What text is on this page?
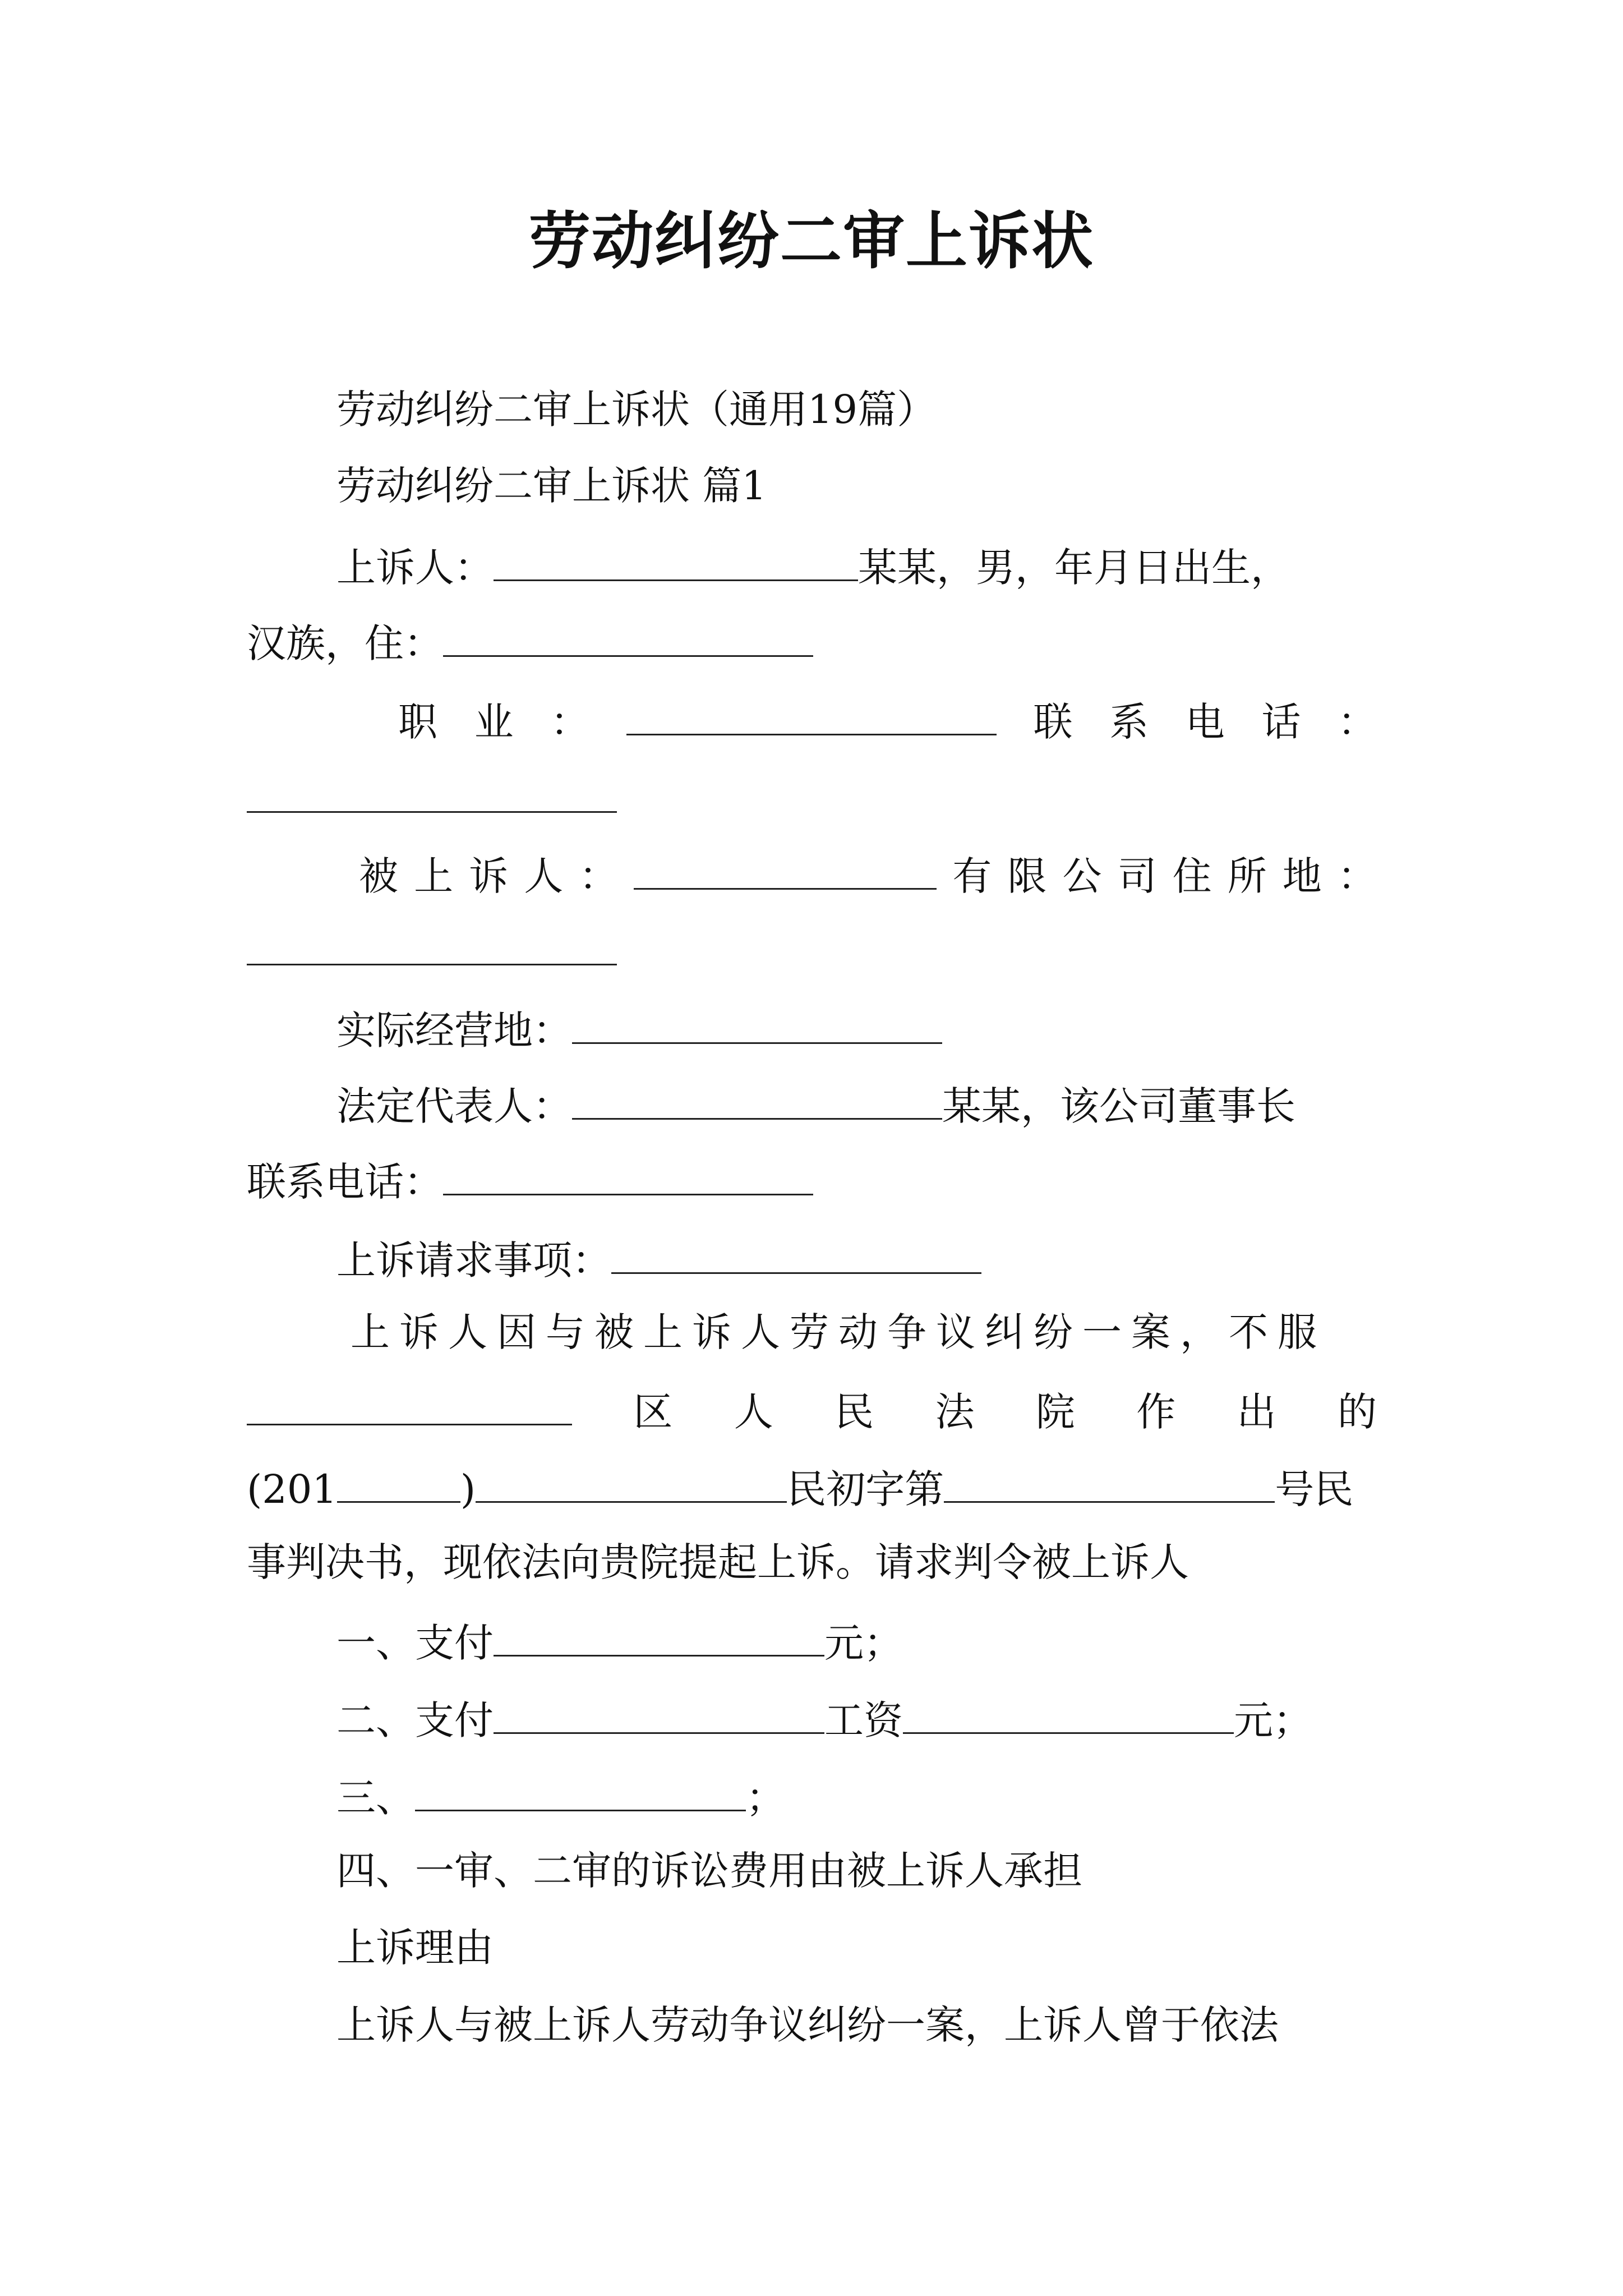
劳动纠纷二审上诉状
劳动纠纷二审上诉状（通用19篇）
劳动纠纷二审上诉状 篇1
上诉人：	某某，男，年月日出生，
汉族，住：
职 业 ：	联 系 电 话 ：
被 上 诉 人 ：	有 限 公 司 住 所 地 ：
实际经营地：
法定代表人：	某某，该公司董事长
联系电话：
上诉请求事项：
上诉人因与被上诉人劳动争议纠纷一案，不服
区 人 民 法 院 作 出 的
(201	)	民初字第	号民
事判决书，现依法向贵院提起上诉。请求判令被上诉人
一、支付	元；
二、支付	工资	元；
三、	；
四、一审、二审的诉讼费用由被上诉人承担
上诉理由
上诉人与被上诉人劳动争议纠纷一案，上诉人曾于依法
